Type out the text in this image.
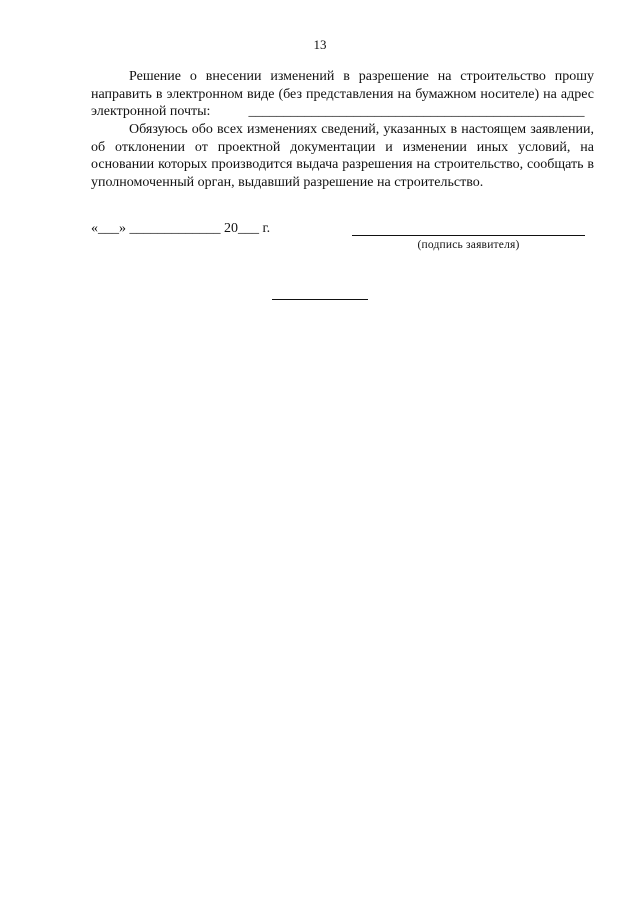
13

Решение о внесении изменений в разрешение на строительство прошу направить в электронном виде (без представления на бумажном носителе) на адрес электронной почты:	________________________________________________

Обязуюсь обо всех изменениях сведений, указанных в настоящем заявлении, об отклонении от проектной документации и изменении иных условий, на основании которых производится выдача разрешения на строительство, сообщать в уполномоченный орган, выдавший разрешение на строительство.

«___» _____________ 20___ г.
(подпись заявителя)
